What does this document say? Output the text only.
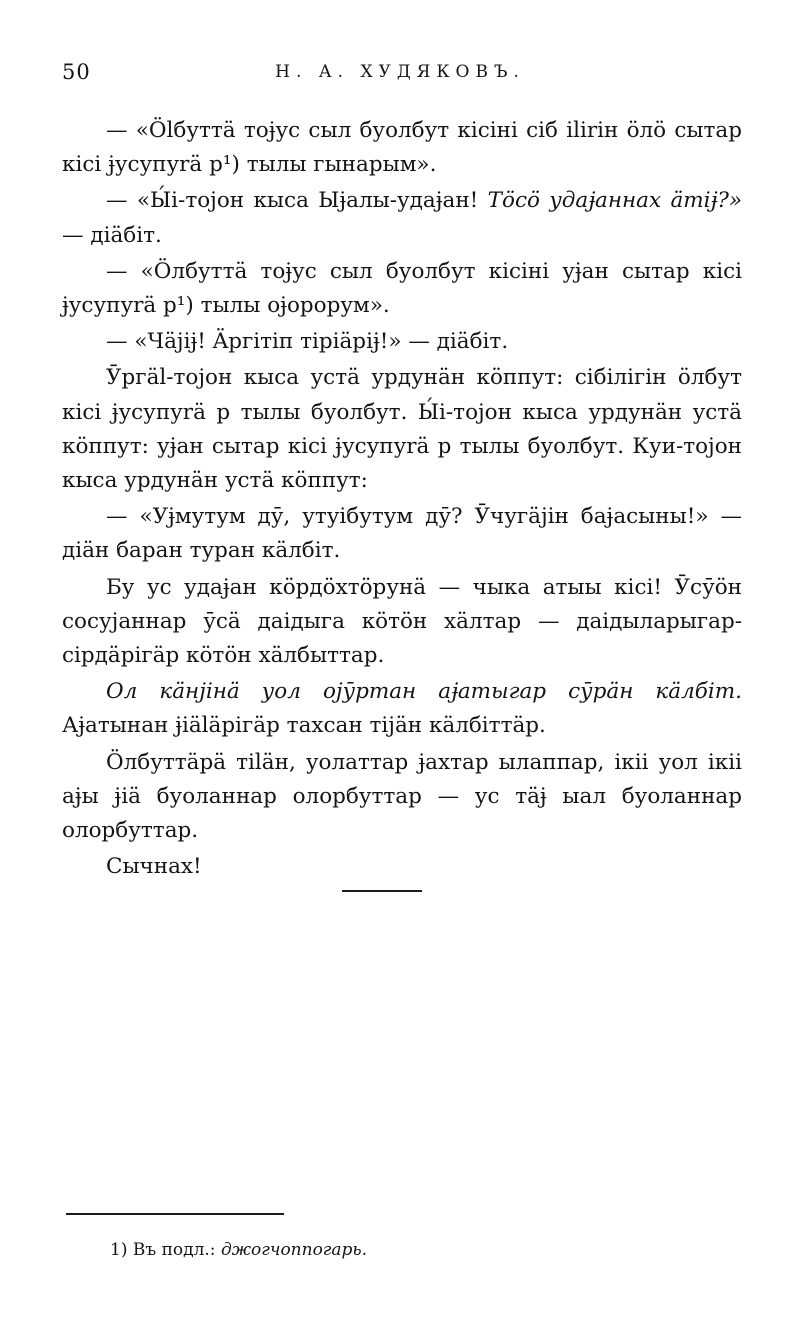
50	Н. А. ХУДЯКОВЪ.

— «Ölбуттä тоɉус сыл буолбут кісіні сіб ilіrін öлö сытар кісі ɉусупуrä p¹) тылы гынарым».

— «Ы́і-тојон кыса Ыɉалы-удаɉан! Тöсö удаɉаннах äтіɉ?» — дiäбiт.

— «Öлбуттä тоɉус сыл буолбут кісіні уɉан сытар кісі ɉусупуrä p¹) тылы оɉорорум».

— «Чäјіɉ! Äргітіп тіріäріɉ!» — дiäбiт.

Ӯргäl-тојон кыса устä урдунäн кöппут: сiбiлiгiн öлбут кісі ɉусупуrä p тылы буолбут. Ы́і-тојон кыса урдунäн устä кöппут: уɉан сытар кісі ɉусупуrä p тылы буолбут. Куи-тојон кыса урдунäн устä кöппут:

— «Уɉмутум дӯ, утуiбутум дӯ? Ӯчугäјiн баɉасыны!» — дiäн баран туран кäлбiт.

Бу ус удаɉан кöрдöхтöрунä — чыка атыы кісі! Ӯсӯöн сосујаннар ӯсä даiдыга кöтöн хäлтар — даiдыларыгар-сiрдäрiгäр кöтöн хäлбыттар.

Ол кäнјiнä уол ојӯртан аɉатыгар сӯрäн кäлбiт. Аɉатынан ɉiäläрiгäр тахсан тiјäн кäлбiттäр.

Öлбуттäрä тiläн, уолаттар ɉахтар ылаппар, iкiі уол iкiі аɉы ɉiä буоланнар олорбуттар — ус тäɉ ыал буоланнар олорбуттар.

Сычнах!

1) Въ подл.: джогчоппогарь.
